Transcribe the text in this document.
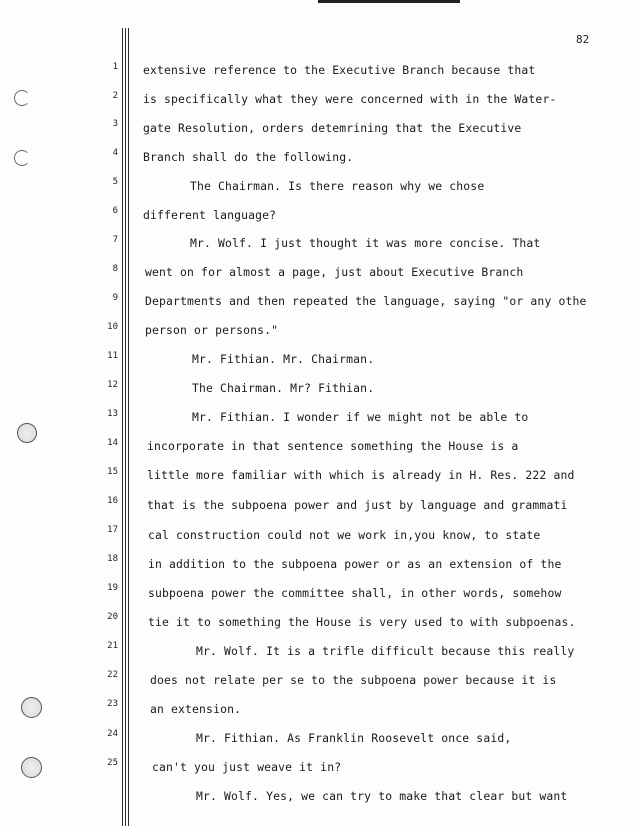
82
1
2
3
4
5
6
7
8
9
10
11
12
13
14
15
16
17
18
19
20
21
22
23
24
25
extensive reference to the Executive Branch because that
is specifically what they were concerned with in the Water-
gate Resolution, orders detemrining that the Executive
Branch shall do the following.
The Chairman. Is there reason why we chose
different language?
Mr. Wolf. I just thought it was more concise. That
went on for almost a page, just about Executive Branch
Departments and then repeated the language, saying "or any othe
person or persons."
Mr. Fithian. Mr. Chairman.
The Chairman. Mr? Fithian.
Mr. Fithian. I wonder if we might not be able to
incorporate in that sentence something the House is a
little more familiar with which is already in H. Res. 222 and
that is the subpoena power and just by language and grammati
cal construction could not we work in,you know, to state
in addition to the subpoena power or as an extension of the
subpoena power the committee shall, in other words, somehow
tie it to something the House is very used to with subpoenas.
Mr. Wolf. It is a trifle difficult because this really
does not relate per se to the subpoena power because it is
an extension.
Mr. Fithian. As Franklin Roosevelt once said,
can't you just weave it in?
Mr. Wolf. Yes, we can try to make that clear but want
